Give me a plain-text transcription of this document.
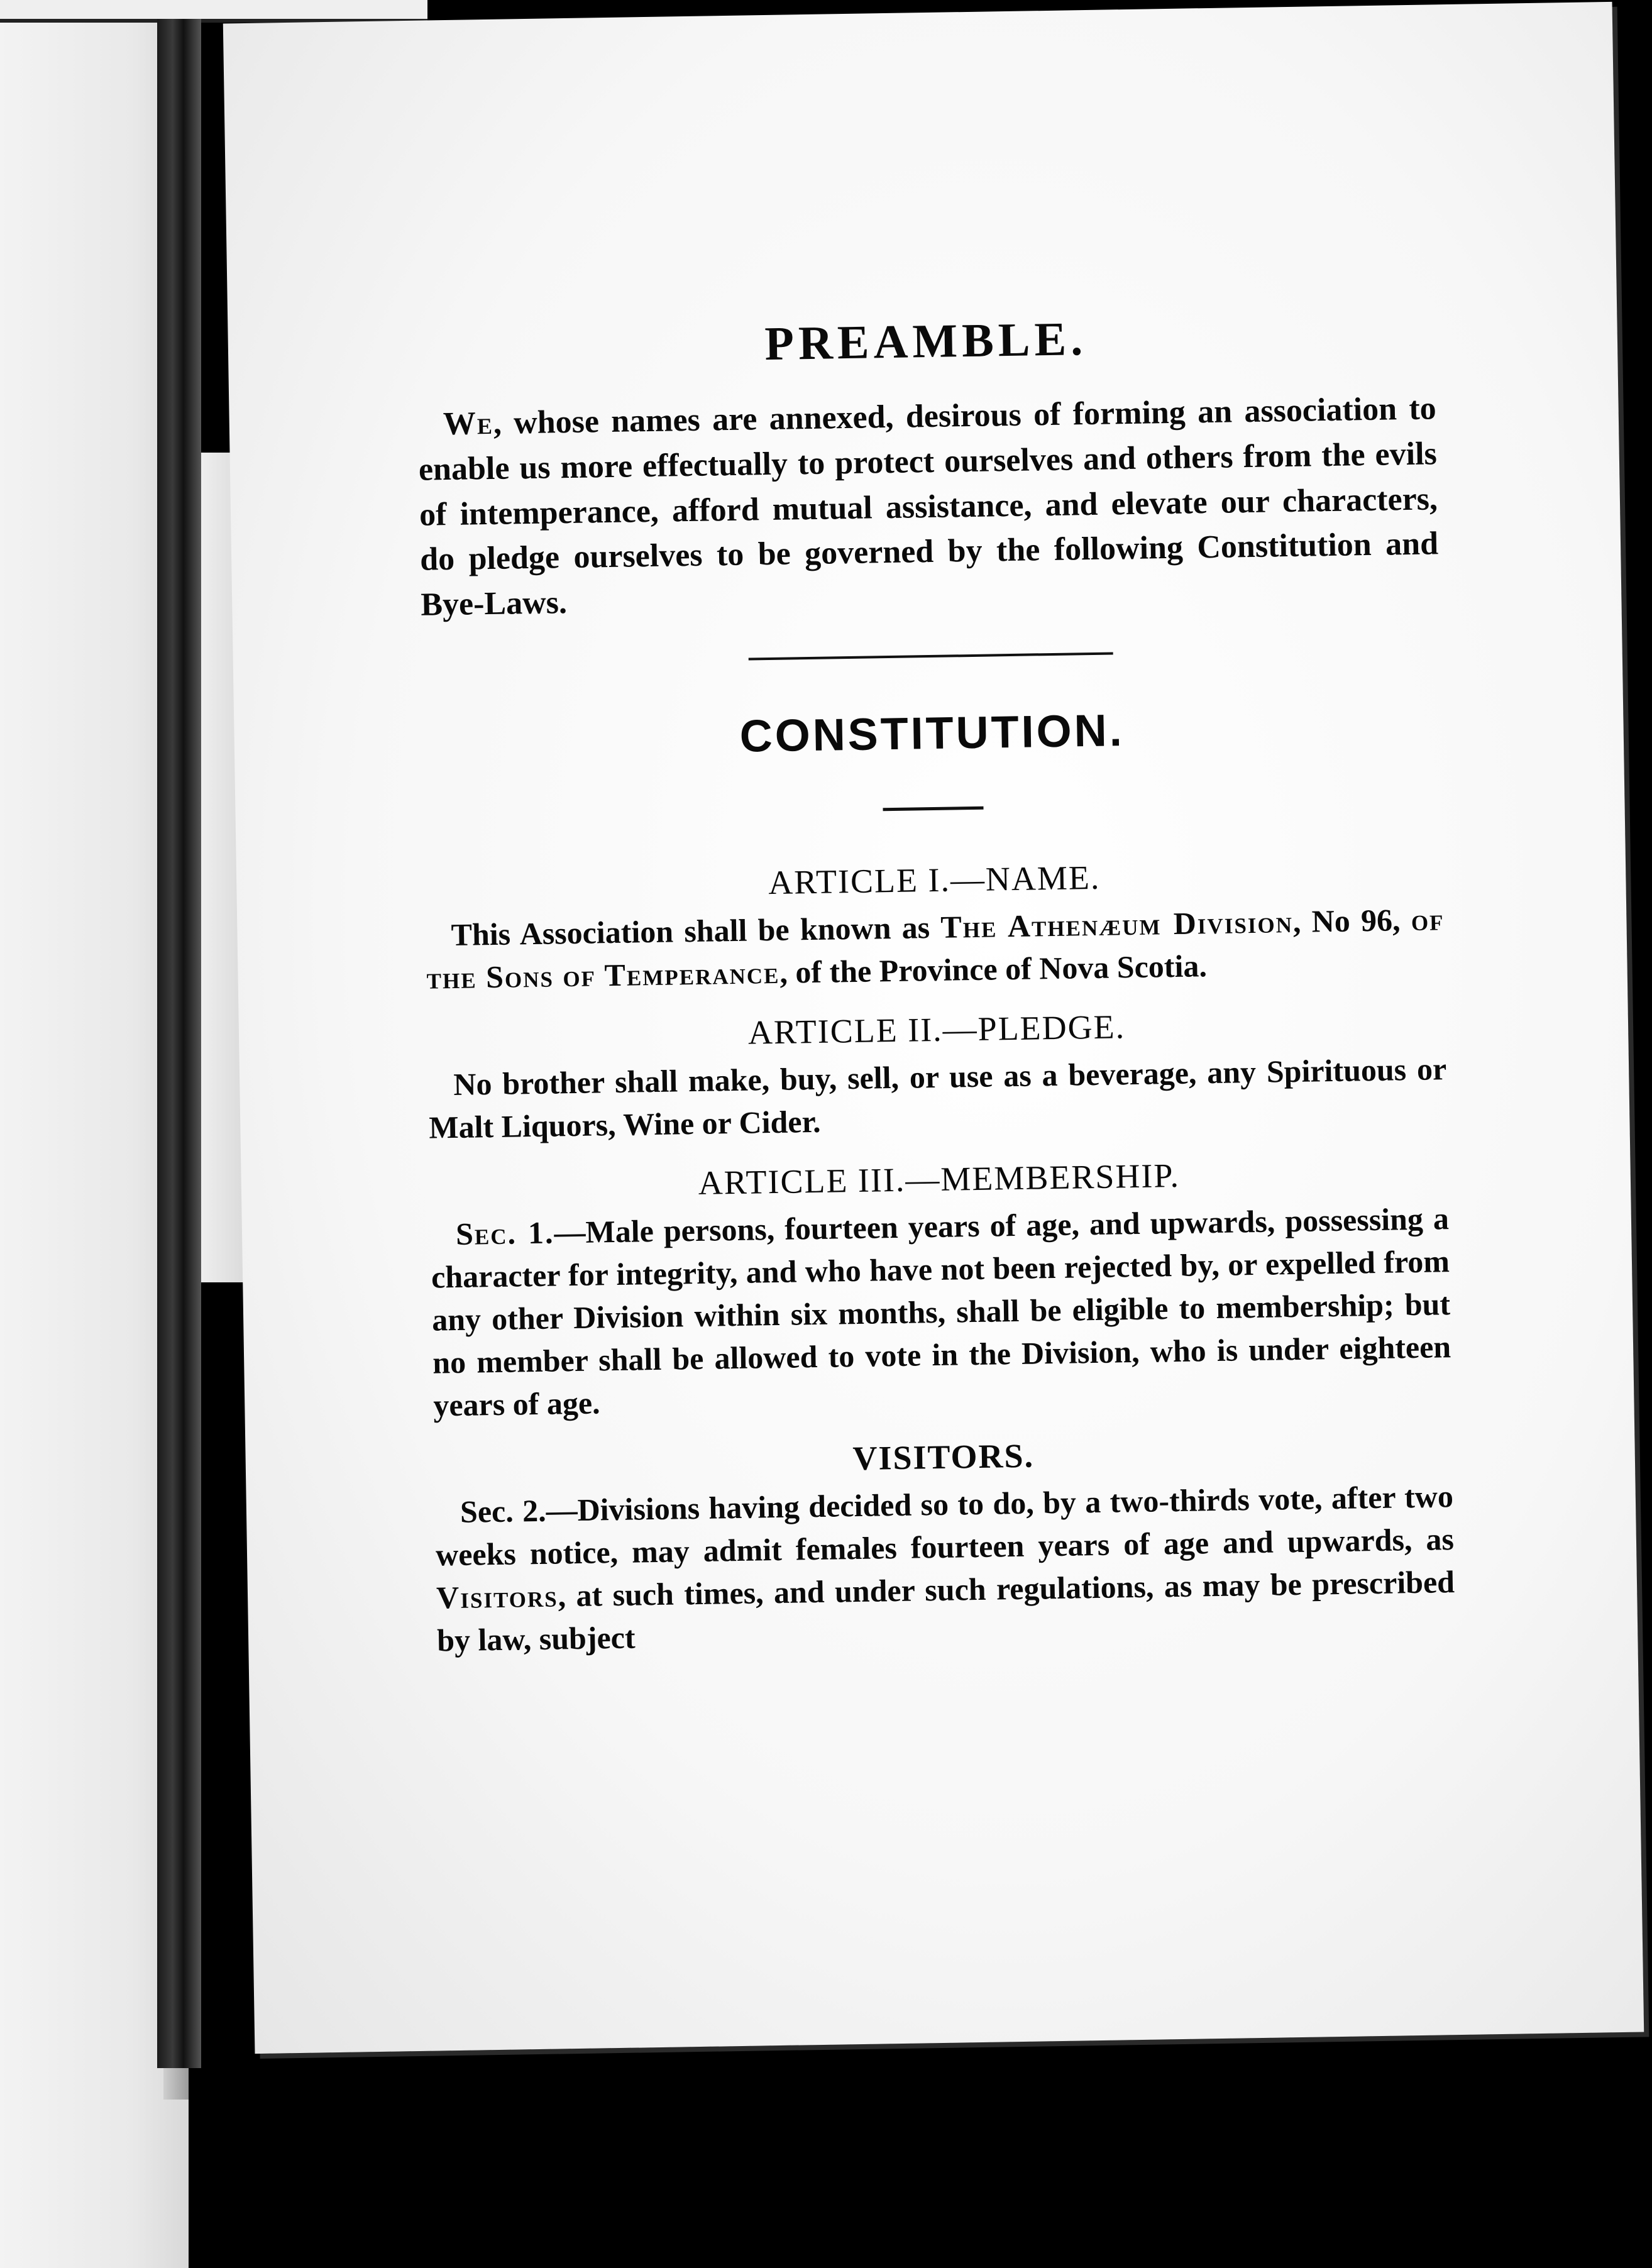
PREAMBLE.

We, whose names are annexed, desirous of forming an association to enable us more effectually to protect ourselves and others from the evils of intemperance, afford mutual assistance, and elevate our characters, do pledge ourselves to be governed by the following Constitution and Bye-Laws.

CONSTITUTION.
ARTICLE I.—NAME.

This Association shall be known as The Athenæum Division, No 96, of the Sons of Temperance, of the Province of Nova Scotia.

ARTICLE II.—PLEDGE.

No brother shall make, buy, sell, or use as a beverage, any Spirituous or Malt Liquors, Wine or Cider.

ARTICLE III.—MEMBERSHIP.

Sec. 1.—Male persons, fourteen years of age, and upwards, possessing a character for integrity, and who have not been rejected by, or expelled from any other Division within six months, shall be eligible to membership; but no member shall be allowed to vote in the Division, who is under eighteen years of age.

VISITORS.

Sec. 2.—Divisions having decided so to do, by a two-thirds vote, after two weeks notice, may admit females fourteen years of age and upwards, as Visitors, at such times, and under such regulations, as may be prescribed by law, subject
